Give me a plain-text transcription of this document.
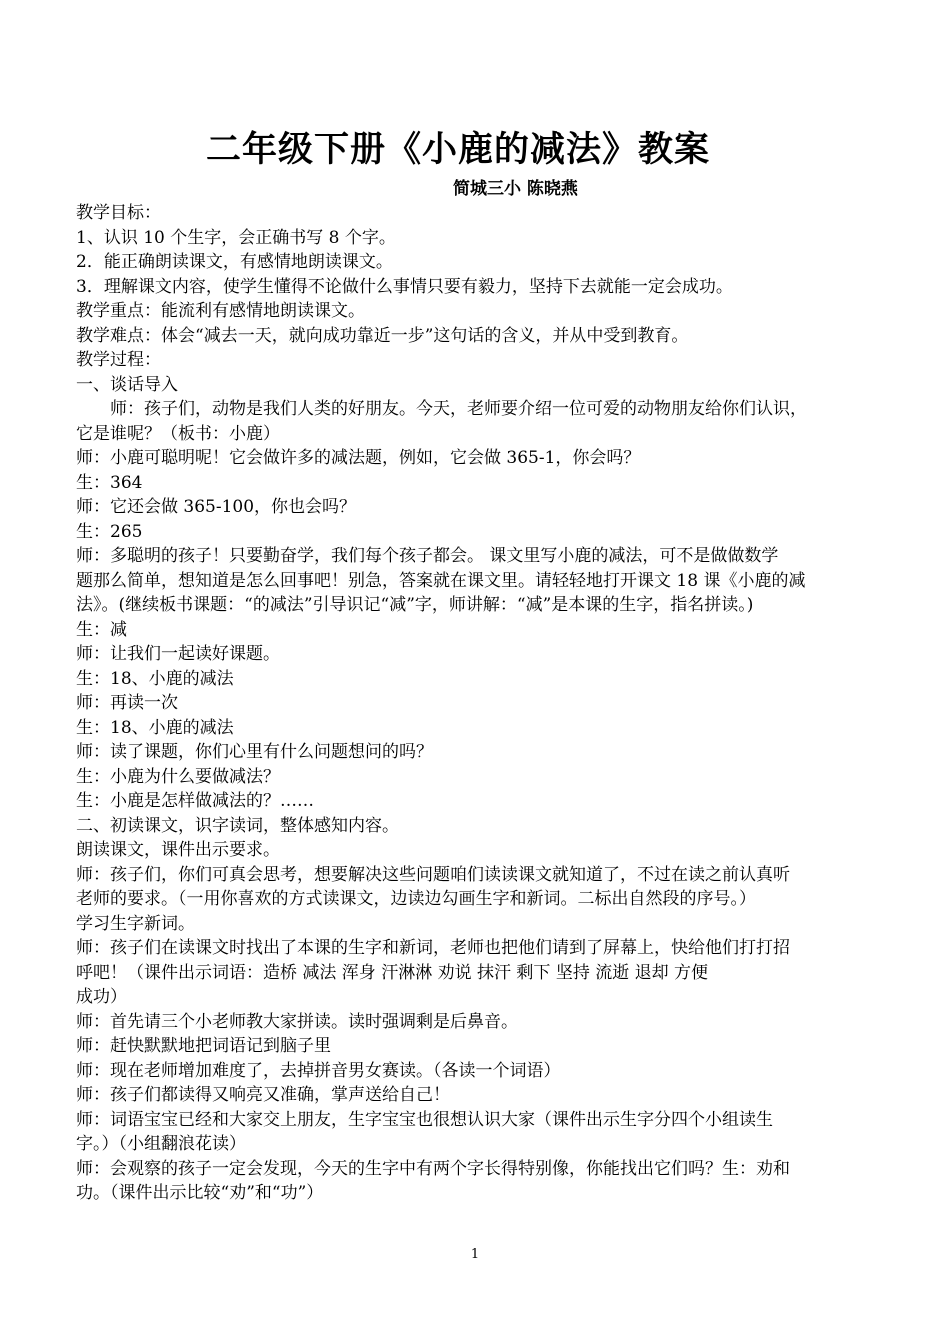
二年级下册《小鹿的减法》教案
简城三小 陈晓燕
教学目标：
1、认识 10 个生字，会正确书写 8 个字。
2．能正确朗读课文，有感情地朗读课文。
3．理解课文内容，使学生懂得不论做什么事情只要有毅力，坚持下去就能一定会成功。
教学重点：能流利有感情地朗读课文。
教学难点：体会“减去一天，就向成功靠近一步”这句话的含义，并从中受到教育。
教学过程：
一、谈话导入
师：孩子们，动物是我们人类的好朋友。今天，老师要介绍一位可爱的动物朋友给你们认识，
它是谁呢？（板书：小鹿）
师：小鹿可聪明呢！它会做许多的减法题，例如，它会做 365-1，你会吗？
生：364
师：它还会做 365-100，你也会吗？
生：265
师：多聪明的孩子！只要勤奋学，我们每个孩子都会。 课文里写小鹿的减法，可不是做做数学
题那么简单，想知道是怎么回事吧！别急，答案就在课文里。请轻轻地打开课文 18 课《小鹿的减
法》。(继续板书课题：“的减法”引导识记“减”字，师讲解：“减”是本课的生字，指名拼读。)
生：减
师：让我们一起读好课题。
生：18、小鹿的减法
师：再读一次
生：18、小鹿的减法
师：读了课题，你们心里有什么问题想问的吗？
生：小鹿为什么要做减法？
生：小鹿是怎样做减法的？……
二、初读课文，识字读词，整体感知内容。
朗读课文，课件出示要求。
师：孩子们，你们可真会思考，想要解决这些问题咱们读读课文就知道了，不过在读之前认真听
老师的要求。（一用你喜欢的方式读课文，边读边勾画生字和新词。二标出自然段的序号。）
学习生字新词。
师：孩子们在读课文时找出了本课的生字和新词，老师也把他们请到了屏幕上，快给他们打打招
呼吧！（课件出示词语：造桥 减法 浑身 汗淋淋 劝说 抹汗 剩下 坚持 流逝 退却 方便
成功）
师：首先请三个小老师教大家拼读。读时强调剩是后鼻音。
师：赶快默默地把词语记到脑子里
师：现在老师增加难度了，去掉拼音男女赛读。（各读一个词语）
师：孩子们都读得又响亮又准确，掌声送给自己！
师：词语宝宝已经和大家交上朋友，生字宝宝也很想认识大家（课件出示生字分四个小组读生
字。）（小组翻浪花读）
师：会观察的孩子一定会发现，今天的生字中有两个字长得特别像，你能找出它们吗？生：劝和
功。（课件出示比较“劝”和“功”）
1
